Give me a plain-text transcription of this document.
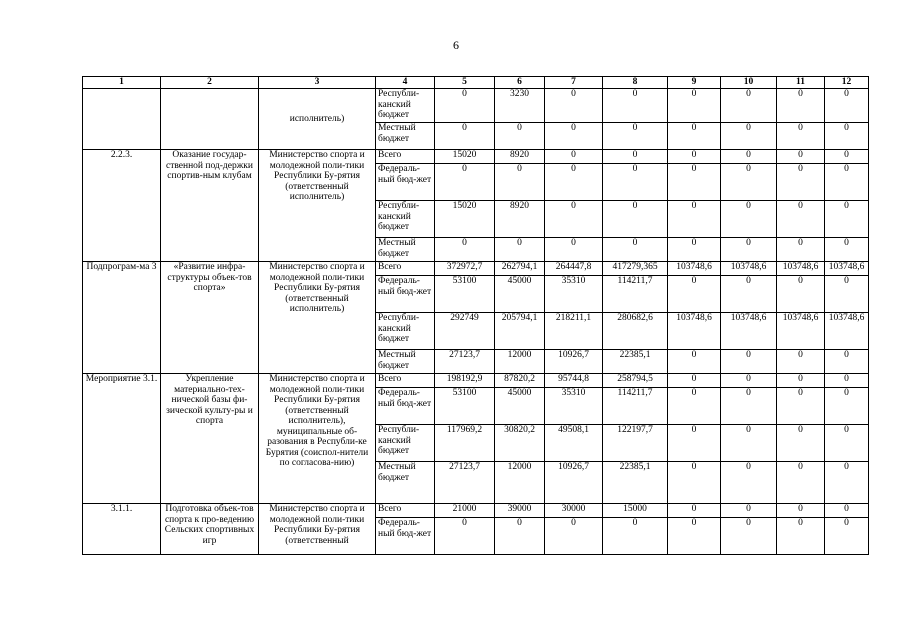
6
1	2	3	4	5	6	7	8	9	10	11	12
		исполнитель)	Республи-канский бюджет	0	3230	0	0	0	0	0	0
			Местный бюджет	0	0	0	0	0	0	0	0
2.2.3.	Оказание государ-ственной под-держки спортив-ным клубам	Министерство спорта и молодежной поли-тики Республики Бу-рятия (ответственный исполнитель)	Всего	15020	8920	0	0	0	0	0	0
			Федераль-ный бюд-жет	0	0	0	0	0	0	0	0
			Республи-канский бюджет	15020	8920	0	0	0	0	0	0
			Местный бюджет	0	0	0	0	0	0	0	0
Подпрограм-ма 3	«Развитие инфра-структуры объек-тов спорта»	Министерство спорта и молодежной поли-тики Республики Бу-рятия (ответственный исполнитель)	Всего	372972,7	262794,1	264447,8	417279,365	103748,6	103748,6	103748,6	103748,6
			Федераль-ный бюд-жет	53100	45000	35310	114211,7	0	0	0	0
			Республи-канский бюджет	292749	205794,1	218211,1	280682,6	103748,6	103748,6	103748,6	103748,6
			Местный бюджет	27123,7	12000	10926,7	22385,1	0	0	0	0
Мероприятие 3.1.	Укрепление материально-тех-нической базы фи-зической культу-ры и спорта	Министерство спорта и молодежной поли-тики Республики Бу-рятия (ответственный исполнитель), муниципальные об-разования в Республи-ке Бурятия (соиспол-нители по согласова-нию)	Всего	198192,9	87820,2	95744,8	258794,5	0	0	0	0
			Федераль-ный бюд-жет	53100	45000	35310	114211,7	0	0	0	0
			Республи-канский бюджет	117969,2	30820,2	49508,1	122197,7	0	0	0	0
			Местный бюджет	27123,7	12000	10926,7	22385,1	0	0	0	0
3.1.1.	Подготовка объек-тов спорта к про-ведению Сельских спортивных игр	Министерство спорта и молодежной поли-тики Республики Бу-рятия (ответственный	Всего	21000	39000	30000	15000	0	0	0	0
			Федераль-ный бюд-жет	0	0	0	0	0	0	0	0
